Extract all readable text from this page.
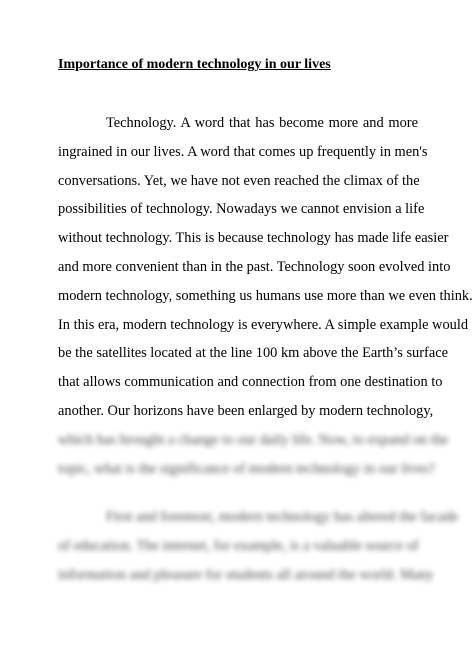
Importance of modern technology in our lives
Technology. A word that has become more and more
ingrained in our lives. A word that comes up frequently in men's
conversations. Yet, we have not even reached the climax of the
possibilities of technology. Nowadays we cannot envision a life
without technology. This is because technology has made life easier
and more convenient than in the past. Technology soon evolved into
modern technology, something us humans use more than we even think.
In this era, modern technology is everywhere. A simple example would
be the satellites located at the line 100 km above the Earth’s surface
that allows communication and connection from one destination to
another. Our horizons have been enlarged by modern technology,
which has brought a change to our daily life. Now, to expand on the
topic, what is the significance of modern technology in our lives?
First and foremost, modern technology has altered the facade
of education. The internet, for example, is a valuable source of
information and pleasure for students all around the world. Many
